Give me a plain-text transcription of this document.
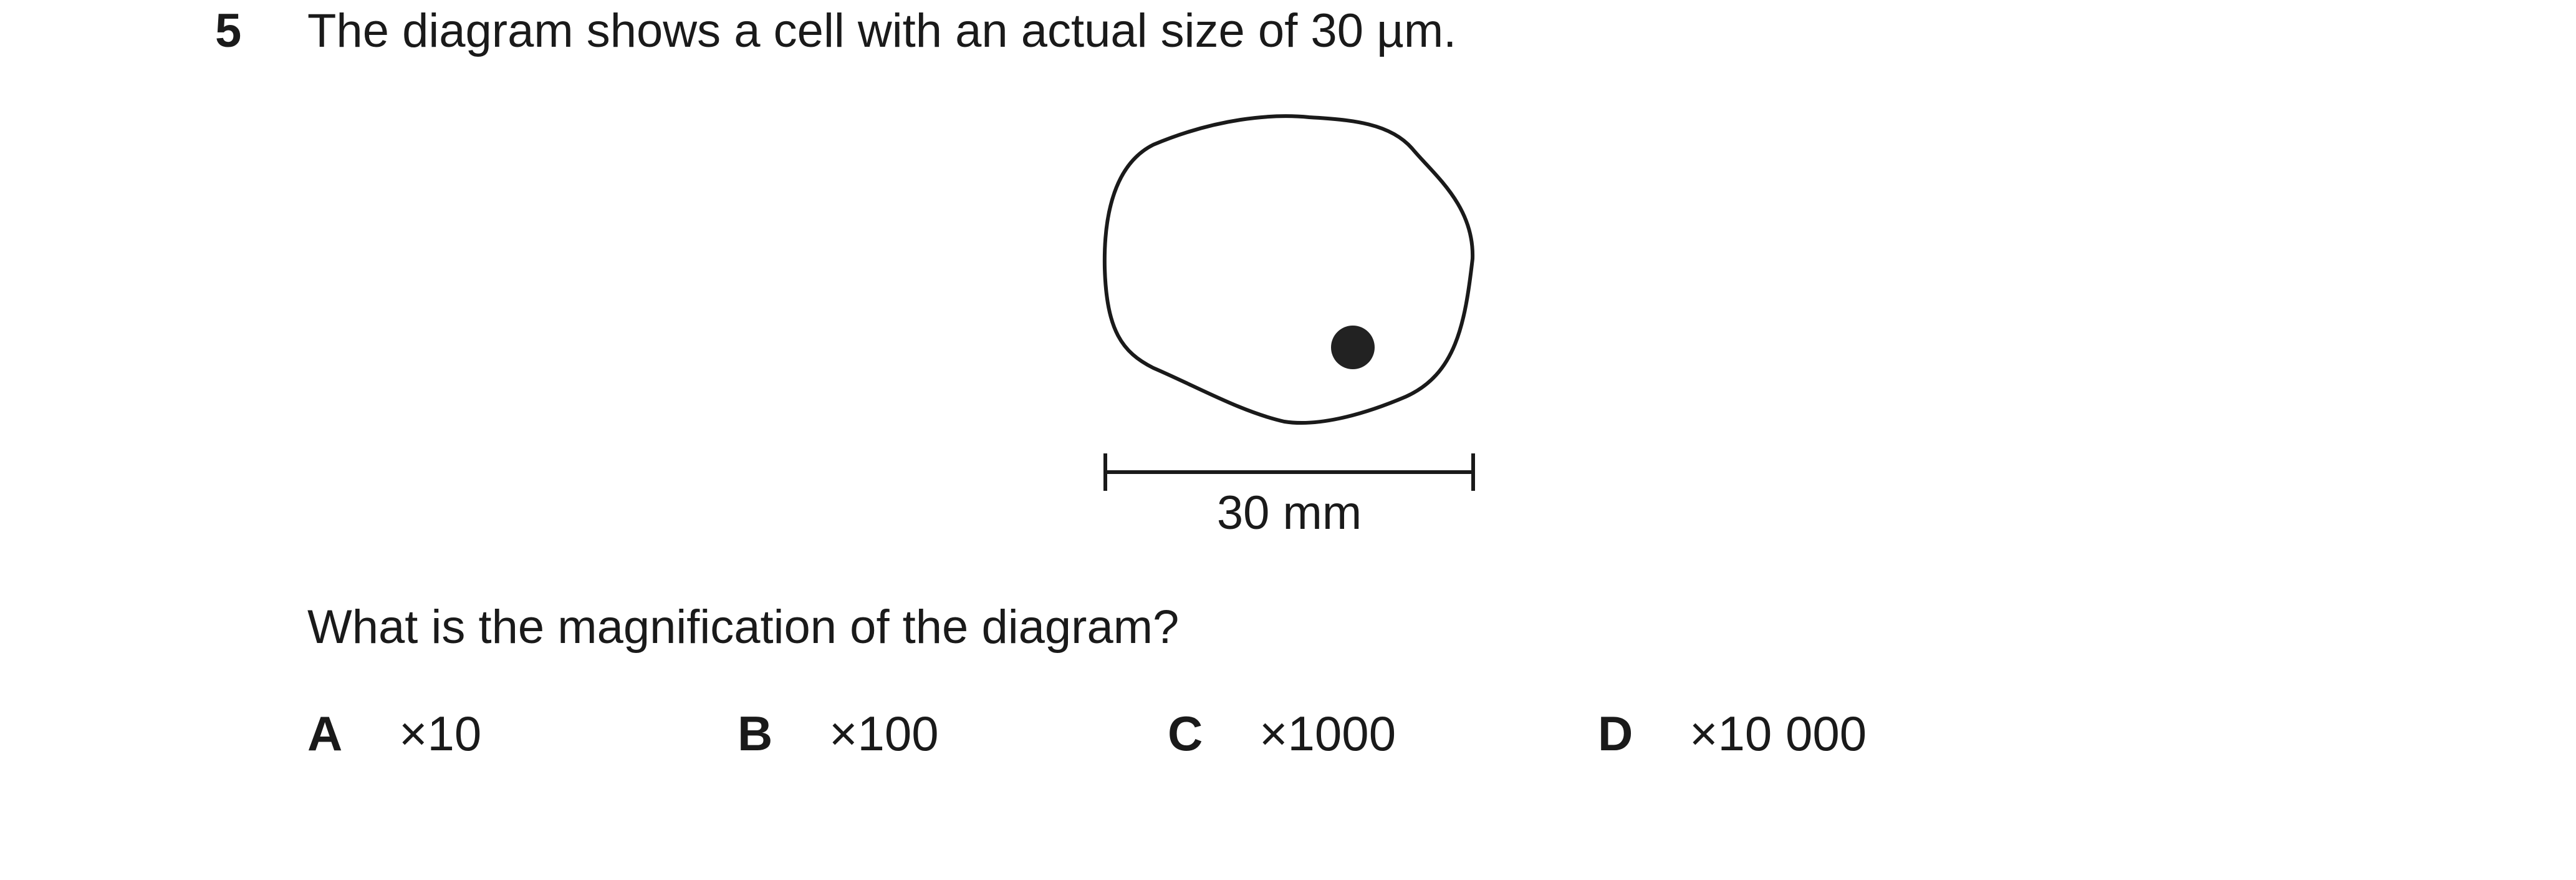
5 The diagram shows a cell with an actual size of 30 µm.
30 mm
What is the magnification of the diagram?
A ×10	B ×100	C ×1000	D ×10 000
